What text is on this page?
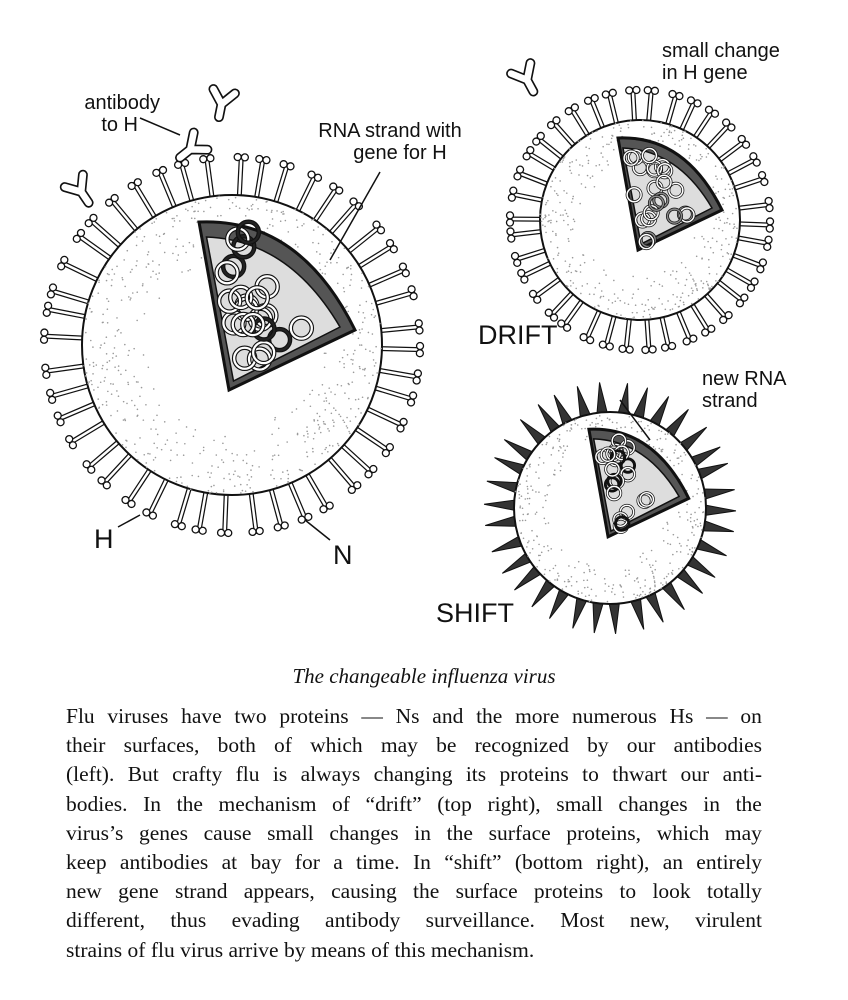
antibody
to H	RNA strand with
gene for H
H
N
small change
in H gene
DRIFT
new RNA
strand
SHIFT
The changeable influenza virus
Flu viruses have two proteins — Ns and the more numerous Hs — on
their surfaces, both of which may be recognized by our antibodies
(left). But crafty flu is always changing its proteins to thwart our anti-
bodies. In the mechanism of “drift” (top right), small changes in the
virus’s genes cause small changes in the surface proteins, which may
keep antibodies at bay for a time. In “shift” (bottom right), an entirely
new gene strand appears, causing the surface proteins to look totally
different, thus evading antibody surveillance. Most new, virulent
strains of flu virus arrive by means of this mechanism.
